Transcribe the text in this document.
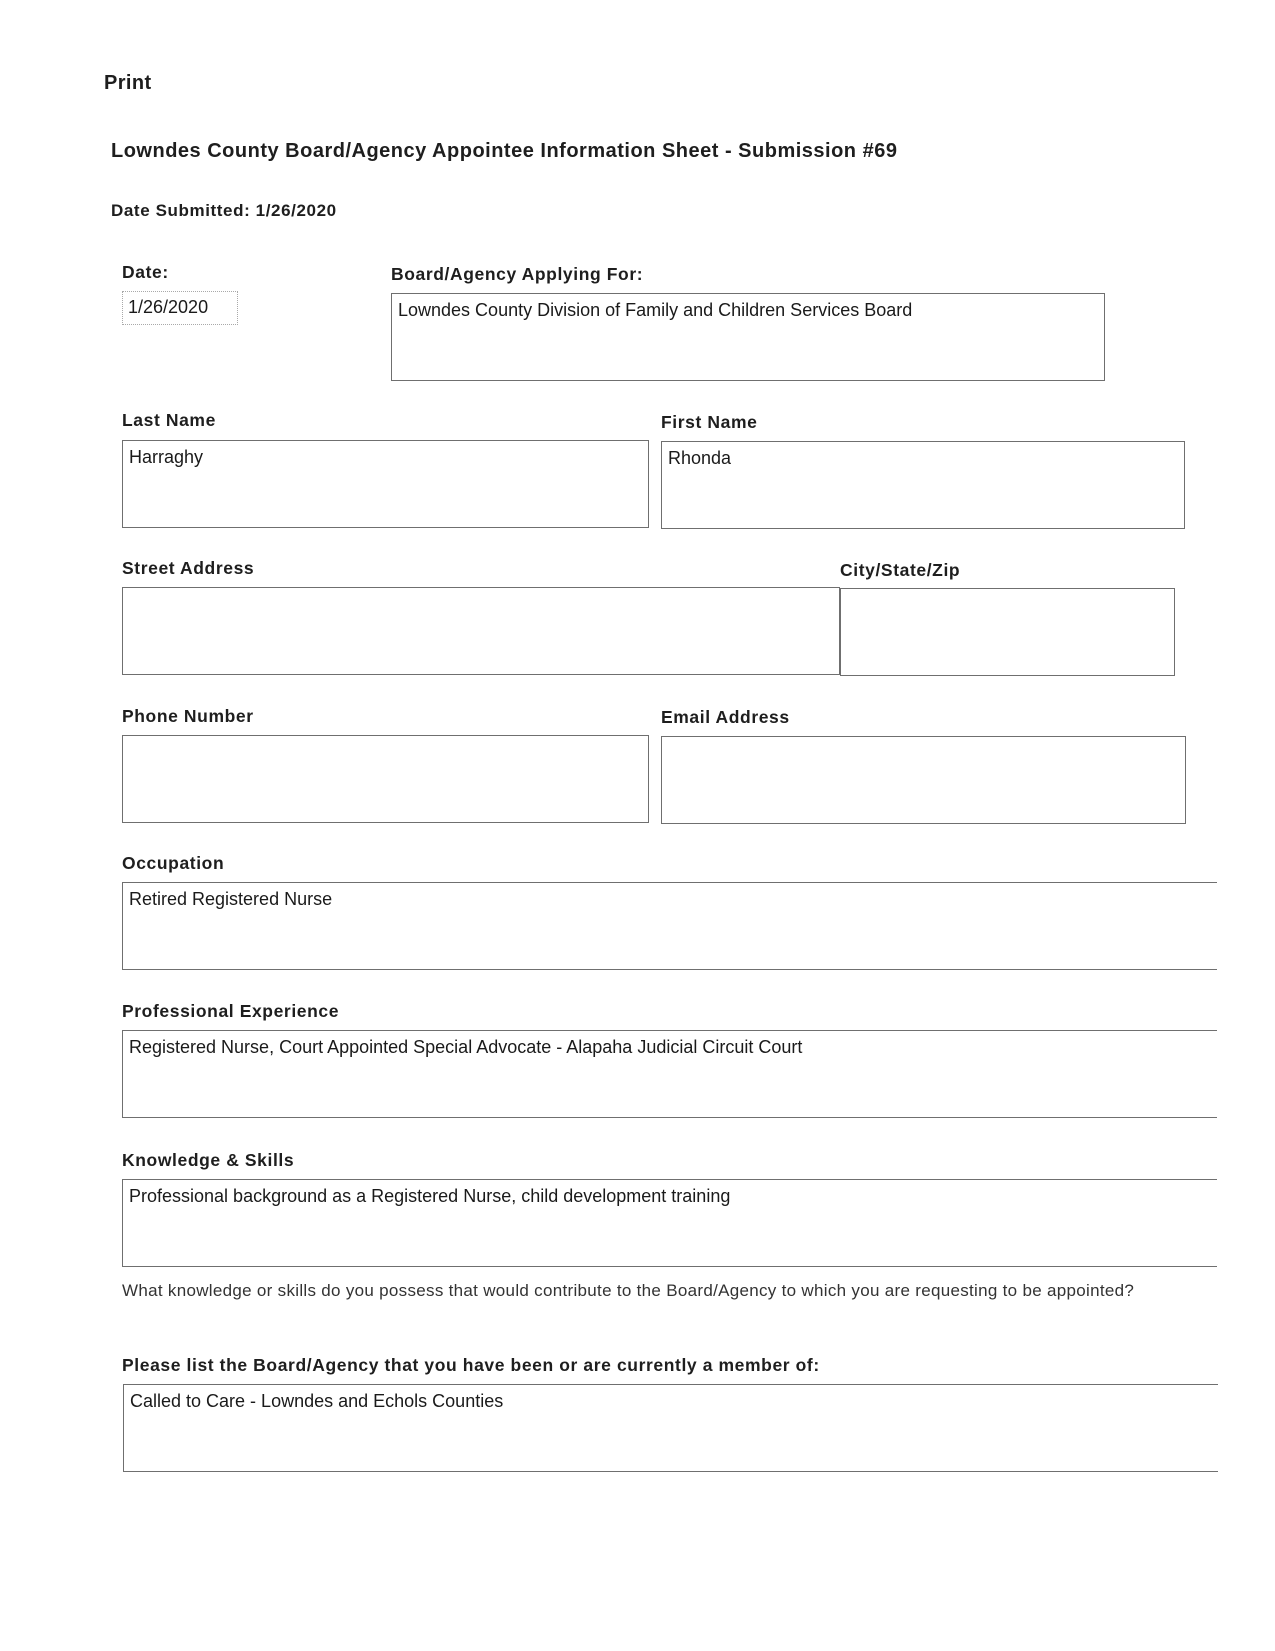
Print
Lowndes County Board/Agency Appointee Information Sheet - Submission #69
Date Submitted: 1/26/2020
Date:
1/26/2020
Board/Agency Applying For:
Lowndes County Division of Family and Children Services Board
Last Name
Harraghy
First Name
Rhonda
Street Address	City/State/Zip
Phone Number	Email Address
Occupation
Retired Registered Nurse
Professional Experience
Registered Nurse, Court Appointed Special Advocate - Alapaha Judicial Circuit Court
Knowledge & Skills
Professional background as a Registered Nurse, child development training
What knowledge or skills do you possess that would contribute to the Board/Agency to which you are requesting to be appointed?
Please list the Board/Agency that you have been or are currently a member of:
Called to Care - Lowndes and Echols Counties
